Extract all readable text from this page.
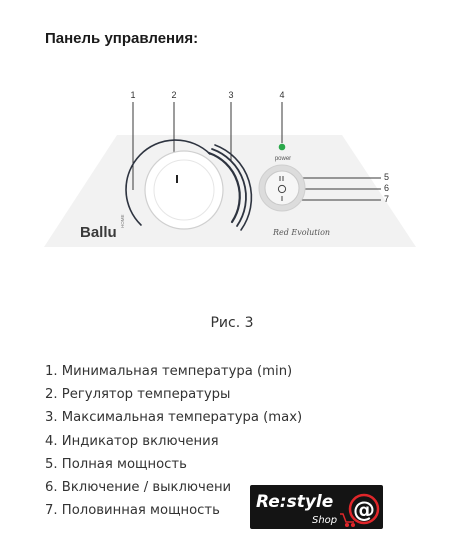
Панель управления:
1	2	3	4
5
6
7
power
Ballu
HOME
Red Evolution
Рис. 3
1. Минимальная температура (min)
2. Регулятор температуры
3. Максимальная температура (max)
4. Индикатор включения
5. Полная мощность
6. Включение / выключени
7. Половинная мощность	Re:style @
Shop
